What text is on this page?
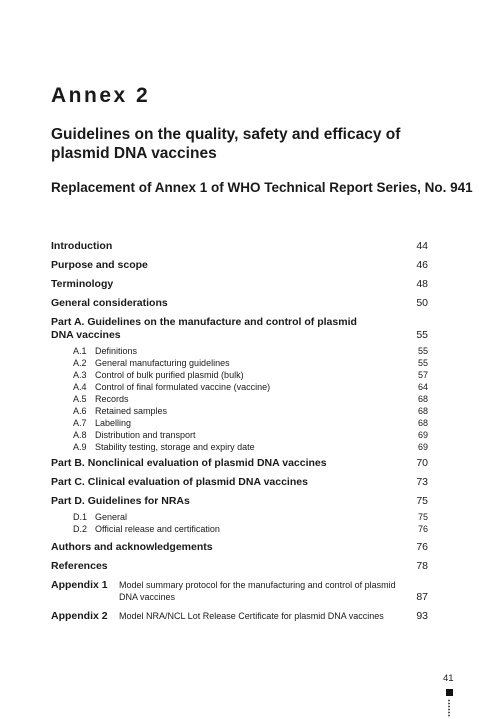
Annex 2
Guidelines on the quality, safety and efficacy of plasmid DNA vaccines
Replacement of Annex 1 of WHO Technical Report Series, No. 941
Introduction	44
Purpose and scope	46
Terminology	48
General considerations	50
Part A. Guidelines on the manufacture and control of plasmid
DNA vaccines	55
A.1 Definitions	55
A.2 General manufacturing guidelines	55
A.3 Control of bulk purified plasmid (bulk)	57
A.4 Control of final formulated vaccine (vaccine)	64
A.5 Records	68
A.6 Retained samples	68
A.7 Labelling	68
A.8 Distribution and transport	69
A.9 Stability testing, storage and expiry date	69
Part B. Nonclinical evaluation of plasmid DNA vaccines	70
Part C. Clinical evaluation of plasmid DNA vaccines	73
Part D. Guidelines for NRAs	75
D.1 General	75
D.2 Official release and certification	76
Authors and acknowledgements	76
References	78
Appendix 1 Model summary protocol for the manufacturing and control of plasmid
DNA vaccines	87
Appendix 2 Model NRA/NCL Lot Release Certificate for plasmid DNA vaccines	93
41
